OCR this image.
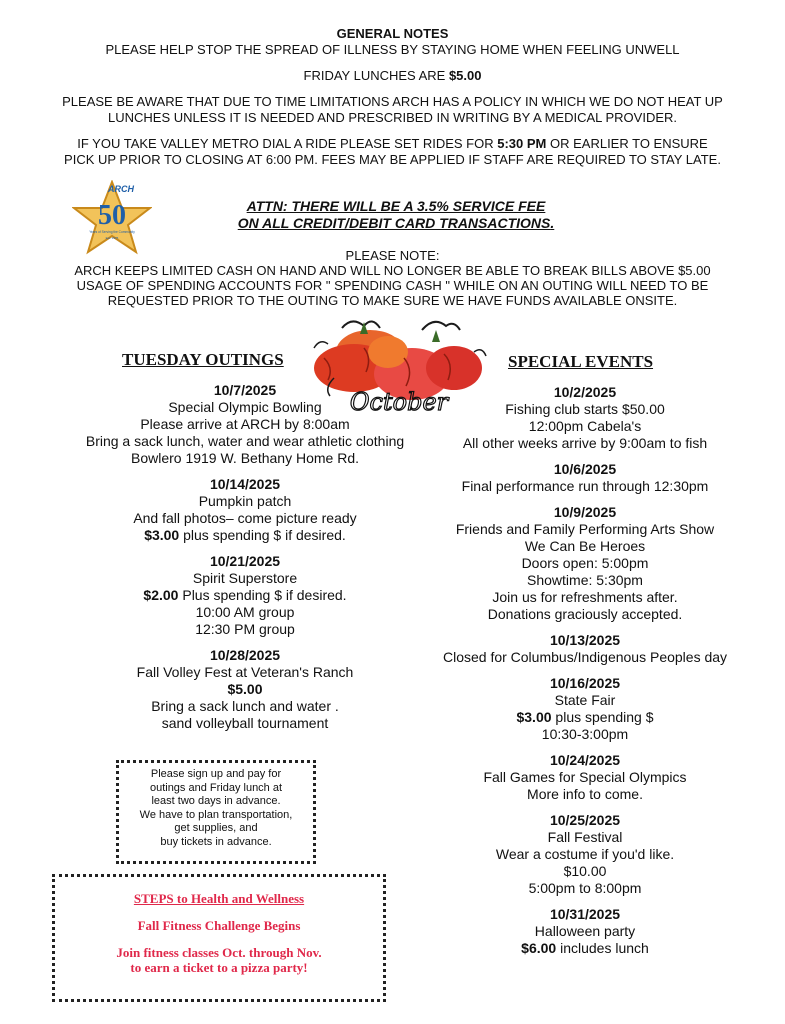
GENERAL NOTES

PLEASE HELP STOP THE SPREAD OF ILLNESS BY STAYING HOME WHEN FEELING UNWELL

FRIDAY LUNCHES ARE $5.00

PLEASE BE AWARE THAT DUE TO TIME LIMITATIONS ARCH HAS A POLICY IN WHICH WE DO NOT HEAT UP

LUNCHES UNLESS IT IS NEEDED AND PRESCRIBED IN WRITING BY A MEDICAL PROVIDER.

IF YOU TAKE VALLEY METRO DIAL A RIDE PLEASE SET RIDES FOR 5:30 PM OR EARLIER TO ENSURE

PICK UP PRIOR TO CLOSING AT 6:00 PM. FEES MAY BE APPLIED IF STAFF ARE REQUIRED TO STAY LATE.

ARCH
50
Years of Serving the Community
Est. 1975
ATTN: THERE WILL BE A 3.5% SERVICE FEE
ON ALL CREDIT/DEBIT CARD TRANSACTIONS.

PLEASE NOTE:

ARCH KEEPS LIMITED CASH ON HAND AND WILL NO LONGER BE ABLE TO BREAK BILLS ABOVE $5.00

USAGE OF SPENDING ACCOUNTS FOR " SPENDING CASH " WHILE ON AN OUTING WILL NEED TO BE

REQUESTED PRIOR TO THE OUTING TO MAKE SURE WE HAVE FUNDS AVAILABLE ONSITE.

October
TUESDAY OUTINGS

10/7/2025

Special Olympic Bowling

Please arrive at ARCH by 8:00am

Bring a sack lunch, water and wear athletic clothing

Bowlero 1919 W. Bethany Home Rd.

10/14/2025

Pumpkin patch

And fall photos– come picture ready

$3.00 plus spending $ if desired.

10/21/2025

Spirit Superstore

$2.00 Plus spending $ if desired.

10:00 AM group

12:30 PM group

10/28/2025

Fall Volley Fest at Veteran's Ranch

$5.00

Bring a sack lunch and water .

sand volleyball tournament

Please sign up and pay for
outings and Friday lunch at
least two days in advance.
We have to plan transportation,
get supplies, and
buy tickets in advance.

STEPS to Health and Wellness

Fall Fitness Challenge Begins

Join fitness classes Oct. through Nov.

to earn a ticket to a pizza party!

SPECIAL EVENTS

10/2/2025

Fishing club starts $50.00

12:00pm Cabela's

All other weeks arrive by 9:00am to fish

10/6/2025

Final performance run through 12:30pm

10/9/2025

Friends and Family Performing Arts Show

We Can Be Heroes

Doors open: 5:00pm

Showtime: 5:30pm

Join us for refreshments after.

Donations graciously accepted.

10/13/2025

Closed for Columbus/Indigenous Peoples day

10/16/2025

State Fair

$3.00 plus spending $

10:30-3:00pm

10/24/2025

Fall Games for Special Olympics

More info to come.

10/25/2025

Fall Festival

Wear a costume if you'd like.

$10.00

5:00pm to 8:00pm

10/31/2025

Halloween party

$6.00 includes lunch
